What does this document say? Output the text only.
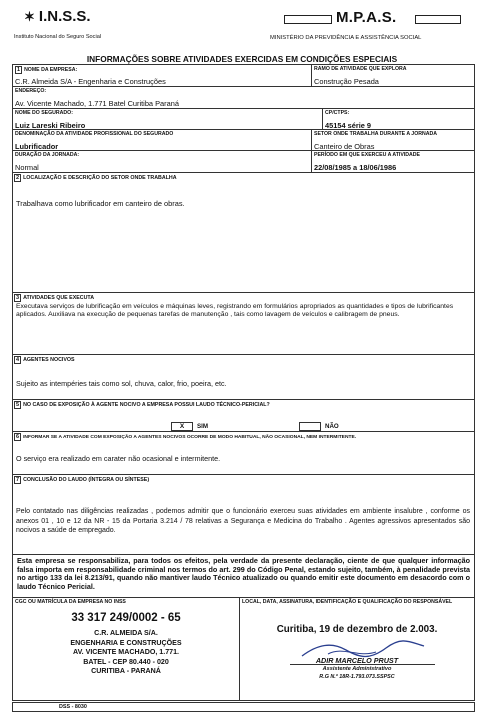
✶ I.N.S.S.
Instituto Nacional do Seguro Social
M.P.A.S.
MINISTÉRIO DA PREVIDÊNCIA E ASSISTÊNCIA SOCIAL
INFORMAÇÕES SOBRE ATIVIDADES EXERCIDAS EM CONDIÇÕES ESPECIAIS
1 NOME DA EMPRESA:
C.R. Almeida S/A - Engenharia e Construções
RAMO DE ATIVIDADE QUE EXPLORA
Construção Pesada
ENDEREÇO:
Av. Vicente Machado, 1.771 Batel Curitiba Paraná
NOME DO SEGURADO:
Luiz Lareski Ribeiro
CP/CTPS:
45154 série 9
DENOMINAÇÃO DA ATIVIDADE PROFISSIONAL DO SEGURADO
Lubrificador
SETOR ONDE TRABALHA DURANTE A JORNADA
Canteiro de Obras
DURAÇÃO DA JORNADA:
Normal
PERÍODO EM QUE EXERCEU A ATIVIDADE
22/08/1985 a 18/06/1986
2 LOCALIZAÇÃO E DESCRIÇÃO DO SETOR ONDE TRABALHA
Trabalhava como lubrificador em canteiro de obras.
3 ATIVIDADES QUE EXECUTA
Executava serviços de lubrificação em veículos e máquinas leves, registrando em formulários apropriados as quantidades e tipos de lubrificantes aplicados. Auxiliava na execução de pequenas tarefas de manutenção , tais como lavagem de veículos e calibragem de pneus.
4 AGENTES NOCIVOS
Sujeito as intempéries tais como sol, chuva, calor, frio, poeira, etc.
5 NO CASO DE EXPOSIÇÃO À AGENTE NOCIVO A EMPRESA POSSUI LAUDO TÉCNICO-PERICIAL?
X	SIM	NÃO
6 INFORMAR SE A ATIVIDADE COM EXPOSIÇÃO A AGENTES NOCIVOS OCORRE DE MODO HABITUAL, NÃO OCASIONAL, NEM INTERMITENTE.
O serviço era realizado em carater não ocasional e intermitente.
7 CONCLUSÃO DO LAUDO (ÍNTEGRA OU SÍNTESE)
Pelo contatado nas diligências realizadas , podemos admitir que o funcionário exerceu suas atividades em ambiente insalubre , conforme os anexos 01 , 10 e 12 da NR - 15 da Portaria 3.214 / 78 relativas a Segurança e Medicina do Trabalho . Agentes agressivos apresentados são nocivos a saúde de empregado.
Esta empresa se responsabiliza, para todos os efeitos, pela verdade da presente declaração, ciente de que qualquer informação falsa importa em responsabilidade criminal nos termos do art. 299 do Código Penal, estando sujeito, também, à penalidade prevista no artigo 133 da lei 8.213/91, quando não mantiver laudo Técnico atualizado ou quando emitir este documento em desacordo com o laudo Técnico Pericial.
CGC OU MATRÍCULA DA EMPRESA NO INSS
33 317 249/0002 - 65
C.R. ALMEIDA S/A.
ENGENHARIA E CONSTRUÇÕES
AV. VICENTE MACHADO, 1.771.
BATEL - CEP 80.440 - 020
CURITIBA - PARANÁ
LOCAL, DATA, ASSINATURA, IDENTIFICAÇÃO E QUALIFICAÇÃO DO RESPONSÁVEL
Curitiba, 19 de dezembro de 2.003.
ADIR MARCELO PRUST
Assistente Administrativo
R.G N.º 18R-1.793.073.SSPSC
DSS - 8030
